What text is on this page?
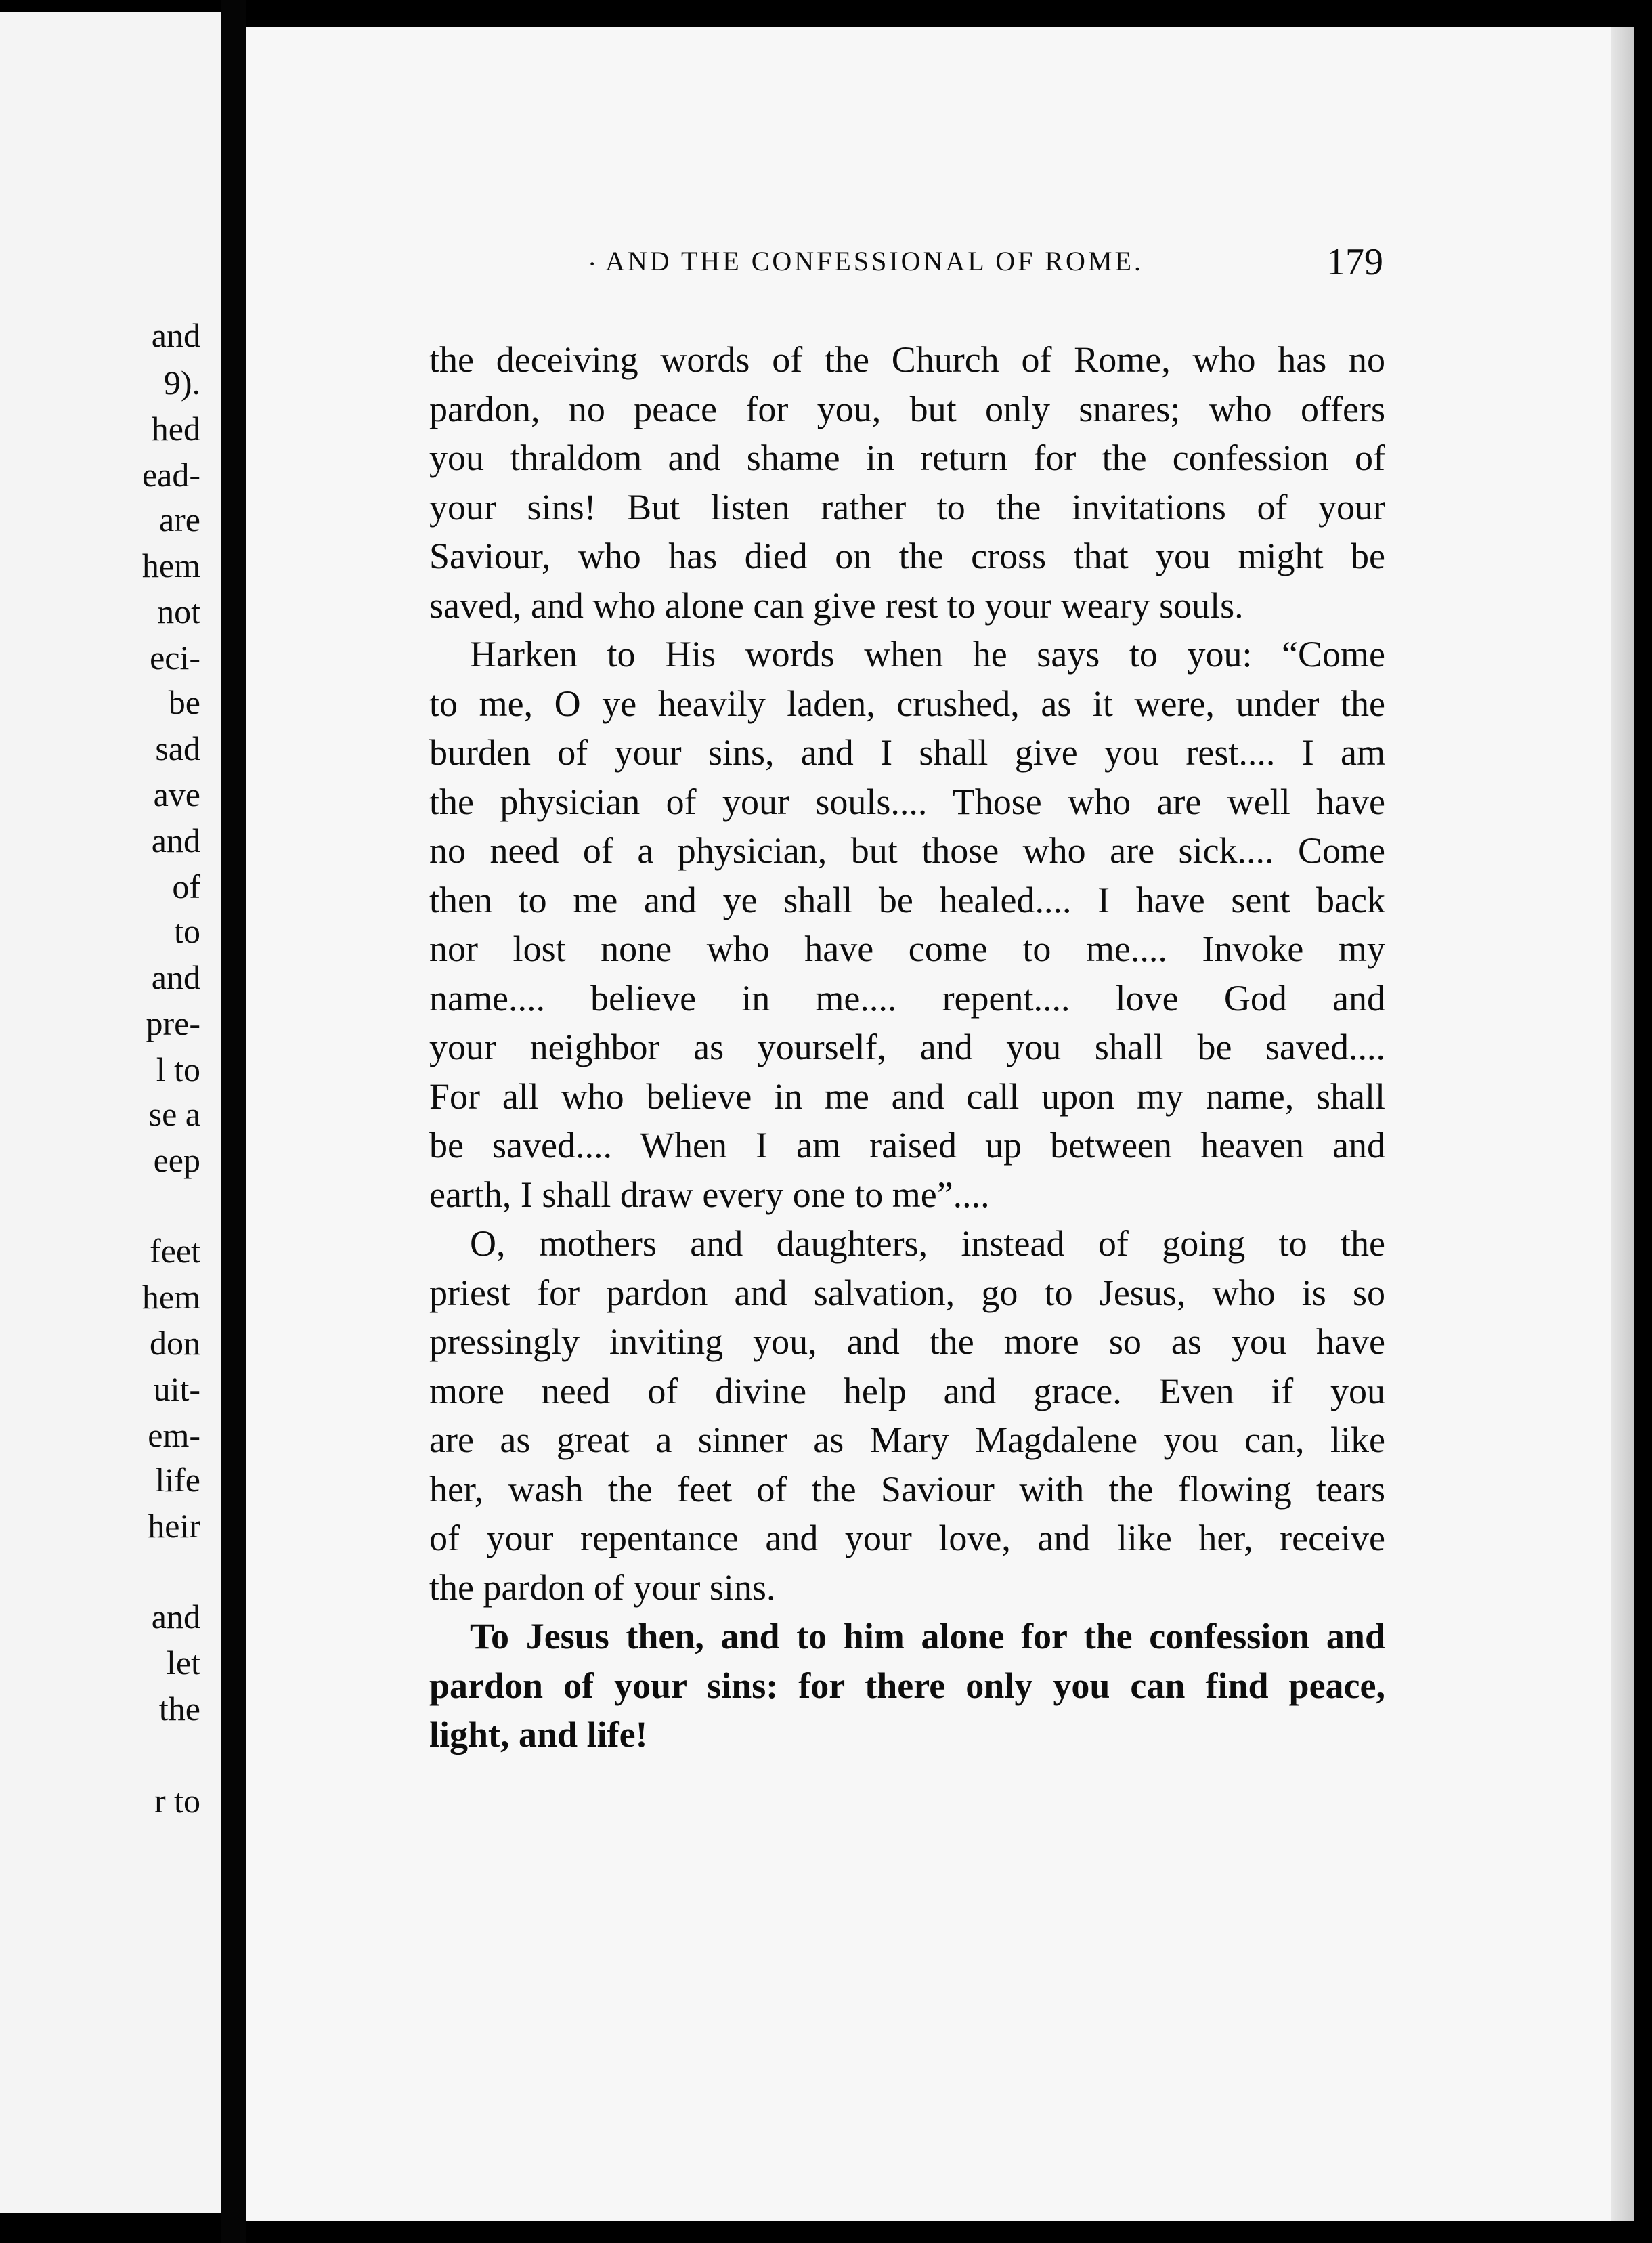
and
9).
hed
ead-
are
hem
not
eci-
be
sad
ave
and
of
to
and
pre-
l to
se a
eep
feet
hem
don
uit-
em-
life
heir
and
let
the
r to
· AND THE CONFESSIONAL OF ROME.	179
the deceiving words of the Church of Rome, who has no
pardon, no peace for you, but only snares; who offers
you thraldom and shame in return for the confession of
your sins! But listen rather to the invitations of your
Saviour, who has died on the cross that you might be
saved, and who alone can give rest to your weary souls.
Harken to His words when he says to you: “Come
to me, O ye heavily laden, crushed, as it were, under the
burden of your sins, and I shall give you rest.... I am
the physician of your souls.... Those who are well have
no need of a physician, but those who are sick.... Come
then to me and ye shall be healed.... I have sent back
nor lost none who have come to me.... Invoke my
name.... believe in me.... repent.... love God and
your neighbor as yourself, and you shall be saved....
For all who believe in me and call upon my name, shall
be saved.... When I am raised up between heaven and
earth, I shall draw every one to me”....
O, mothers and daughters, instead of going to the
priest for pardon and salvation, go to Jesus, who is so
pressingly inviting you, and the more so as you have
more need of divine help and grace. Even if you
are as great a sinner as Mary Magdalene you can, like
her, wash the feet of the Saviour with the flowing tears
of your repentance and your love, and like her, receive
the pardon of your sins.
To Jesus then, and to him alone for the confession and
pardon of your sins: for there only you can find peace,
light, and life!
